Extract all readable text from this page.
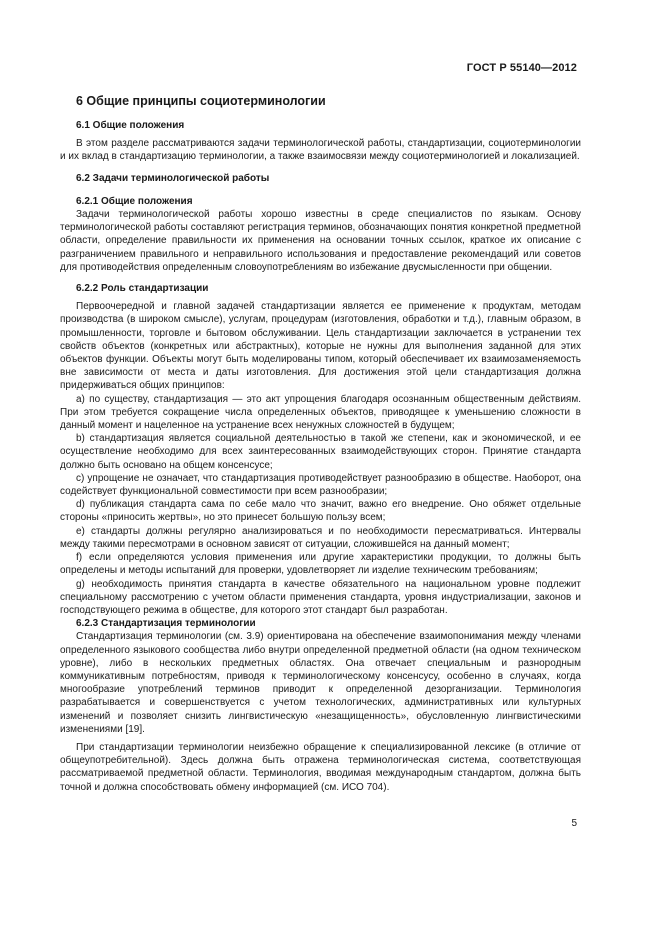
ГОСТ Р 55140—2012
6 Общие принципы социотерминологии
6.1 Общие положения
В этом разделе рассматриваются задачи терминологической работы, стандартизации, социотерминологии и их вклад в стандартизацию терминологии, а также взаимосвязи между социотерминологией и локализацией.
6.2 Задачи терминологической работы
6.2.1 Общие положения
Задачи терминологической работы хорошо известны в среде специалистов по языкам. Основу терминологической работы составляют регистрация терминов, обозначающих понятия конкретной предметной области, определение правильности их применения на основании точных ссылок, краткое их описание с разграничением правильного и неправильного использования и предоставление рекомендаций или советов для противодействия определенным словоупотреблениям во избежание двусмысленности при общении.
6.2.2 Роль стандартизации
Первоочередной и главной задачей стандартизации является ее применение к продуктам, методам производства (в широком смысле), услугам, процедурам (изготовления, обработки и т.д.), главным образом, в промышленности, торговле и бытовом обслуживании. Цель стандартизации заключается в устранении тех свойств объектов (конкретных или абстрактных), которые не нужны для выполнения заданной для этих объектов функции. Объекты могут быть моделированы типом, который обеспечивает их взаимозаменяемость вне зависимости от места и даты изготовления. Для достижения этой цели стандартизация должна придерживаться общих принципов:
а) по существу, стандартизация — это акт упрощения благодаря осознанным общественным действиям. При этом требуется сокращение числа определенных объектов, приводящее к уменьшению сложности в данный момент и нацеленное на устранение всех ненужных сложностей в будущем;
b) стандартизация является социальной деятельностью в такой же степени, как и экономической, и ее осуществление необходимо для всех заинтересованных взаимодействующих сторон. Принятие стандарта должно быть основано на общем консенсусе;
с) упрощение не означает, что стандартизация противодействует разнообразию в обществе. Наоборот, она содействует функциональной совместимости при всем разнообразии;
d) публикация стандарта сама по себе мало что значит, важно его внедрение. Оно обяжет отдельные стороны «приносить жертвы», но это принесет большую пользу всем;
е) стандарты должны регулярно анализироваться и по необходимости пересматриваться. Интервалы между такими пересмотрами в основном зависят от ситуации, сложившейся на данный момент;
f) если определяются условия применения или другие характеристики продукции, то должны быть определены и методы испытаний для проверки, удовлетворяет ли изделие техническим требованиям;
g) необходимость принятия стандарта в качестве обязательного на национальном уровне подлежит специальному рассмотрению с учетом области применения стандарта, уровня индустриализации, законов и господствующего режима в обществе, для которого этот стандарт был разработан.
6.2.3 Стандартизация терминологии
Стандартизация терминологии (см. 3.9) ориентирована на обеспечение взаимопонимания между членами определенного языкового сообщества либо внутри определенной предметной области (на одном техническом уровне), либо в нескольких предметных областях. Она отвечает специальным и разнородным коммуникативным потребностям, приводя к терминологическому консенсусу, особенно в случаях, когда многообразие употреблений терминов приводит к определенной дезорганизации. Терминология разрабатывается и совершенствуется с учетом технологических, административных или культурных изменений и позволяет снизить лингвистическую «незащищенность», обусловленную лингвистическими изменениями [19].
При стандартизации терминологии неизбежно обращение к специализированной лексике (в отличие от общеупотребительной). Здесь должна быть отражена терминологическая система, соответствующая рассматриваемой предметной области. Терминология, вводимая международным стандартом, должна быть точной и должна способствовать обмену информацией (см. ИСО 704).
5
